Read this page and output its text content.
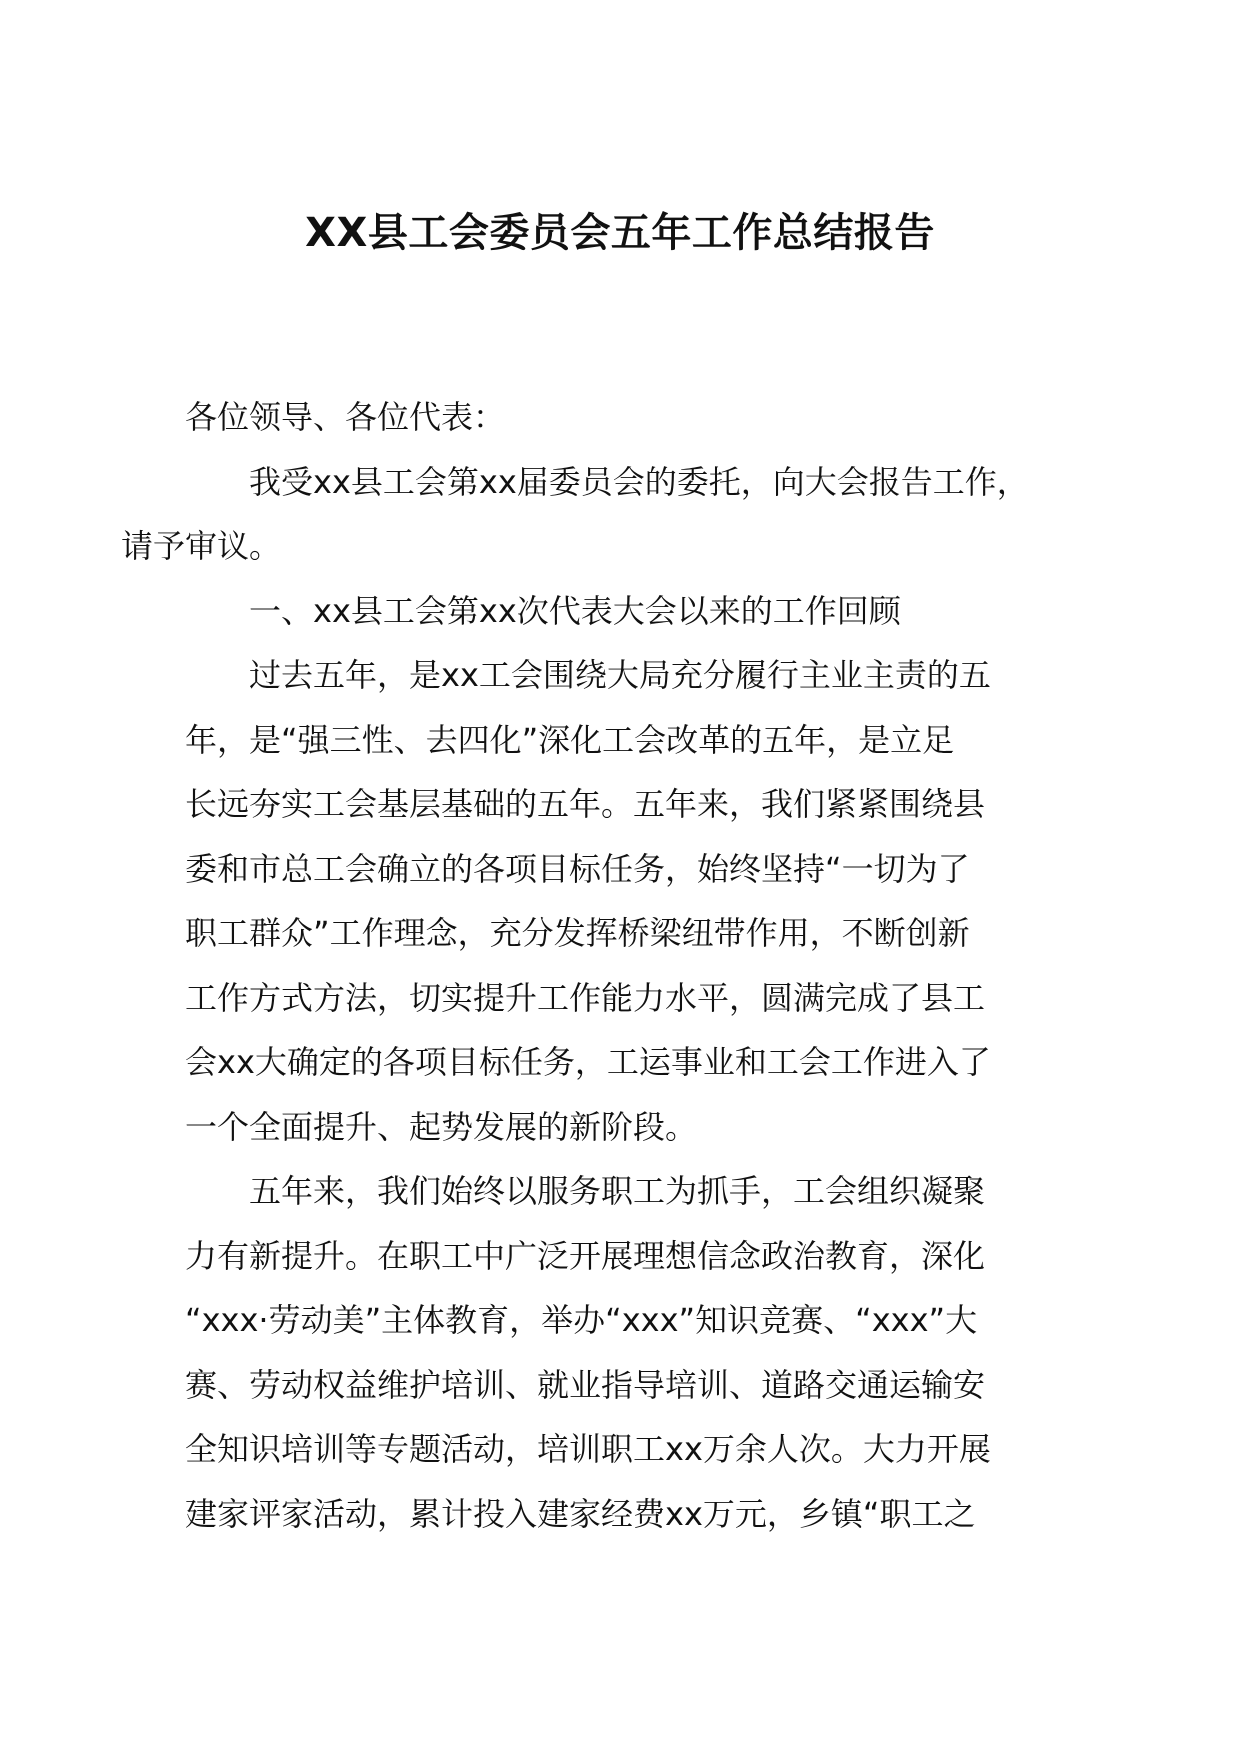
XX县工会委员会五年工作总结报告

各位领导、各位代表：

我受xx县工会第xx届委员会的委托，向大会报告工作，
请予审议。

一、xx县工会第xx次代表大会以来的工作回顾

过去五年，是xx工会围绕大局充分履行主业主责的五
年，是“强三性、去四化”深化工会改革的五年，是立足
长远夯实工会基层基础的五年。五年来，我们紧紧围绕县
委和市总工会确立的各项目标任务，始终坚持“一切为了
职工群众”工作理念，充分发挥桥梁纽带作用，不断创新
工作方式方法，切实提升工作能力水平，圆满完成了县工
会xx大确定的各项目标任务，工运事业和工会工作进入了
一个全面提升、起势发展的新阶段。

五年来，我们始终以服务职工为抓手，工会组织凝聚
力有新提升。在职工中广泛开展理想信念政治教育，深化
“xxx·劳动美”主体教育，举办“xxx”知识竞赛、“xxx”大
赛、劳动权益维护培训、就业指导培训、道路交通运输安
全知识培训等专题活动，培训职工xx万余人次。大力开展
建家评家活动，累计投入建家经费xx万元，乡镇“职工之
